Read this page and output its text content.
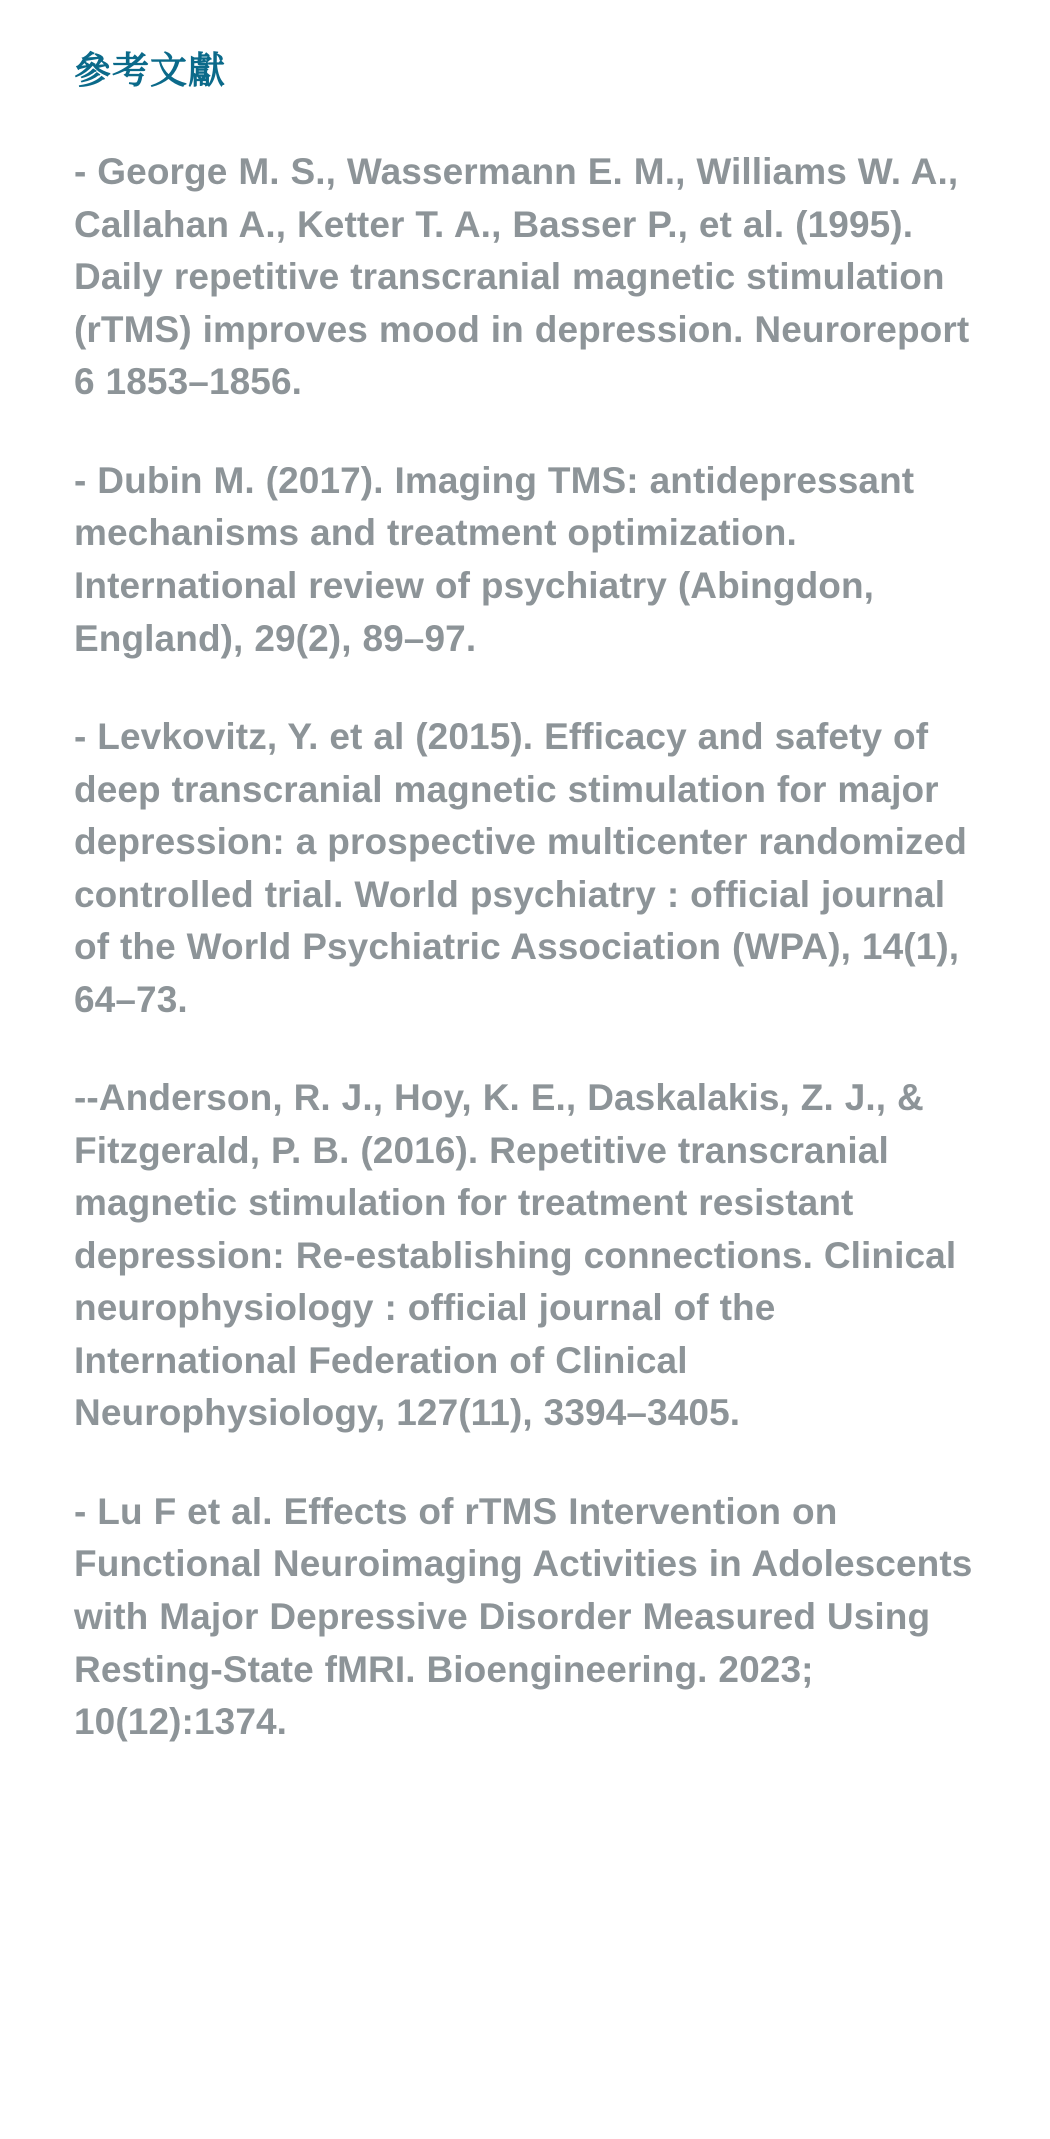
參考文獻
- George M. S., Wassermann E. M., Williams W. A., Callahan A., Ketter T. A., Basser P., et al. (1995). Daily repetitive transcranial magnetic stimulation (rTMS) improves mood in depression. Neuroreport 6 1853–1856.
- Dubin M. (2017). Imaging TMS: antidepressant mechanisms and treatment optimization. International review of psychiatry (Abingdon, England), 29(2), 89–97.
- Levkovitz, Y. et al (2015). Efficacy and safety of deep transcranial magnetic stimulation for major depression: a prospective multicenter randomized controlled trial. World psychiatry : official journal of the World Psychiatric Association (WPA), 14(1), 64–73.
--Anderson, R. J., Hoy, K. E., Daskalakis, Z. J., & Fitzgerald, P. B. (2016). Repetitive transcranial magnetic stimulation for treatment resistant depression: Re-establishing connections. Clinical neurophysiology : official journal of the International Federation of Clinical Neurophysiology, 127(11), 3394–3405.
- Lu F et al. Effects of rTMS Intervention on Functional Neuroimaging Activities in Adolescents with Major Depressive Disorder Measured Using Resting-State fMRI. Bioengineering. 2023; 10(12):1374.
